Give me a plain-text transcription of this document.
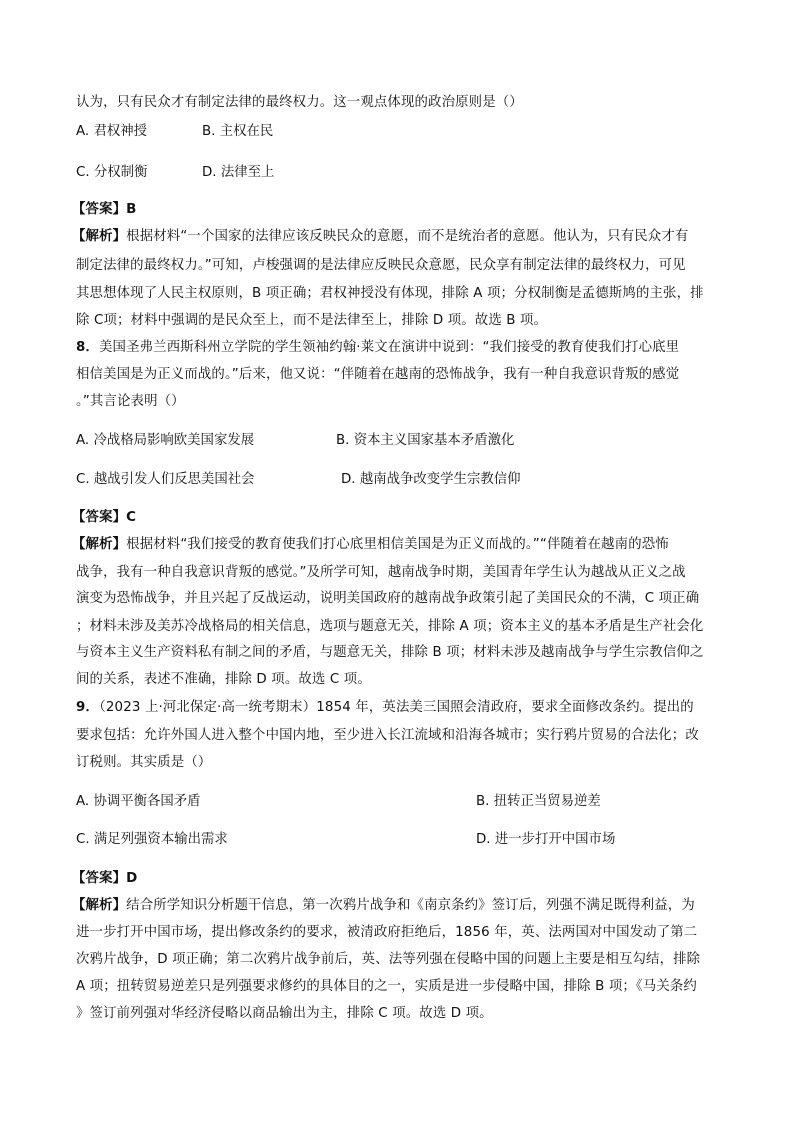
认为，只有民众才有制定法律的最终权力。这一观点体现的政治原则是（）
A. 君权神授	B. 主权在民
C. 分权制衡	D. 法律至上
【答案】B
【解析】根据材料“一个国家的法律应该反映民众的意愿，而不是统治者的意愿。他认为，只有民众才有
制定法律的最终权力。”可知，卢梭强调的是法律应反映民众意愿，民众享有制定法律的最终权力，可见
其思想体现了人民主权原则，B 项正确；君权神授没有体现，排除 A 项；分权制衡是孟德斯鸠的主张，排
除 C项；材料中强调的是民众至上，而不是法律至上，排除 D 项。故选 B 项。
8．美国圣弗兰西斯科州立学院的学生领袖约翰·莱文在演讲中说到：“我们接受的教育使我们打心底里
相信美国是为正义而战的。”后来，他又说：“伴随着在越南的恐怖战争，我有一种自我意识背叛的感觉
。”其言论表明（）
A. 冷战格局影响欧美国家发展	B. 资本主义国家基本矛盾激化
C. 越战引发人们反思美国社会	D. 越南战争改变学生宗教信仰
【答案】C
【解析】根据材料“我们接受的教育使我们打心底里相信美国是为正义而战的。”“伴随着在越南的恐怖
战争，我有一种自我意识背叛的感觉。”及所学可知，越南战争时期，美国青年学生认为越战从正义之战
演变为恐怖战争，并且兴起了反战运动，说明美国政府的越南战争政策引起了美国民众的不满，C 项正确
；材料未涉及美苏冷战格局的相关信息，选项与题意无关，排除 A 项；资本主义的基本矛盾是生产社会化
与资本主义生产资料私有制之间的矛盾，与题意无关，排除 B 项；材料未涉及越南战争与学生宗教信仰之
间的关系，表述不准确，排除 D 项。故选 C 项。
9．（2023 上·河北保定·高一统考期末）1854 年，英法美三国照会清政府，要求全面修改条约。提出的
要求包括：允许外国人进入整个中国内地，至少进入长江流域和沿海各城市；实行鸦片贸易的合法化；改
订税则。其实质是（）
A. 协调平衡各国矛盾	B. 扭转正当贸易逆差
C. 满足列强资本输出需求	D. 进一步打开中国市场
【答案】D
【解析】结合所学知识分析题干信息，第一次鸦片战争和《南京条约》签订后，列强不满足既得利益，为
进一步打开中国市场，提出修改条约的要求，被清政府拒绝后，1856 年，英、法两国对中国发动了第二
次鸦片战争，D 项正确；第二次鸦片战争前后，英、法等列强在侵略中国的问题上主要是相互勾结，排除
A 项；扭转贸易逆差只是列强要求修约的具体目的之一，实质是进一步侵略中国，排除 B 项；《马关条约
》签订前列强对华经济侵略以商品输出为主，排除 C 项。故选 D 项。
